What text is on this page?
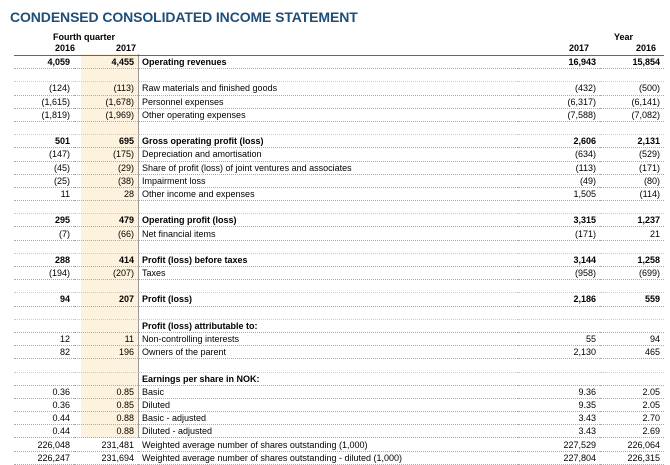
CONDENSED CONSOLIDATED INCOME STATEMENT
Fourth quarter	Year
2016	2017	2017	2016
4,059	4,455	Operating revenues	16,943	15,854

(124)	(113)	Raw materials and finished goods	(432)	(500)
(1,615)	(1,678)	Personnel expenses	(6,317)	(6,141)
(1,819)	(1,969)	Other operating expenses	(7,588)	(7,082)

501	695	Gross operating profit (loss)	2,606	2,131
(147)	(175)	Depreciation and amortisation	(634)	(529)
(45)	(29)	Share of profit (loss) of joint ventures and associates	(113)	(171)
(25)	(38)	Impairment loss	(49)	(80)
11	28	Other income and expenses	1,505	(114)

295	479	Operating profit (loss)	3,315	1,237
(7)	(66)	Net financial items	(171)	21

288	414	Profit (loss) before taxes	3,144	1,258
(194)	(207)	Taxes	(958)	(699)

94	207	Profit (loss)	2,186	559

		Profit (loss) attributable to:		
12	11	Non-controlling interests	55	94
82	196	Owners of the parent	2,130	465

		Earnings per share in NOK:		
0.36	0.85	Basic	9.36	2.05
0.36	0.85	Diluted	9.35	2.05
0.44	0.88	Basic - adjusted	3.43	2.70
0.44	0.88	Diluted - adjusted	3.43	2.69
226,048	231,481	Weighted average number of shares outstanding (1,000)	227,529	226,064
226,247	231,694	Weighted average number of shares outstanding - diluted (1,000)	227,804	226,315
